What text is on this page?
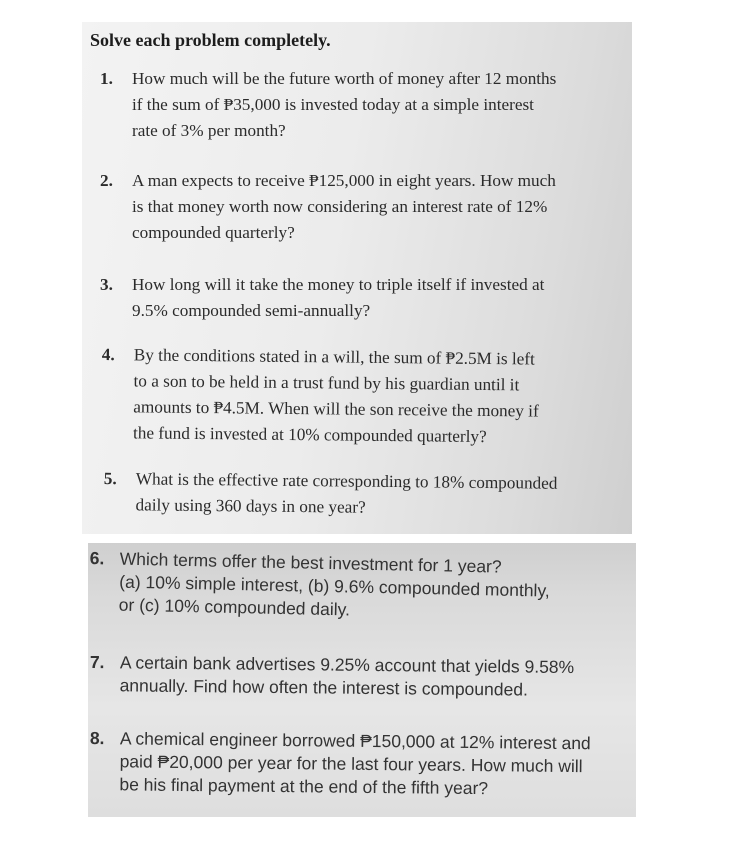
Solve each problem completely.
1. How much will be the future worth of money after 12 months
if the sum of ₱35,000 is invested today at a simple interest
rate of 3% per month?
2. A man expects to receive ₱125,000 in eight years. How much
is that money worth now considering an interest rate of 12%
compounded quarterly?
3. How long will it take the money to triple itself if invested at
9.5% compounded semi-annually?
4. By the conditions stated in a will, the sum of ₱2.5M is left
to a son to be held in a trust fund by his guardian until it
amounts to ₱4.5M. When will the son receive the money if
the fund is invested at 10% compounded quarterly?
5. What is the effective rate corresponding to 18% compounded
daily using 360 days in one year?
6. Which terms offer the best investment for 1 year?
(a) 10% simple interest, (b) 9.6% compounded monthly,
or (c) 10% compounded daily.
7. A certain bank advertises 9.25% account that yields 9.58%
annually. Find how often the interest is compounded.
8. A chemical engineer borrowed ₱150,000 at 12% interest and
paid ₱20,000 per year for the last four years. How much will
be his final payment at the end of the fifth year?
